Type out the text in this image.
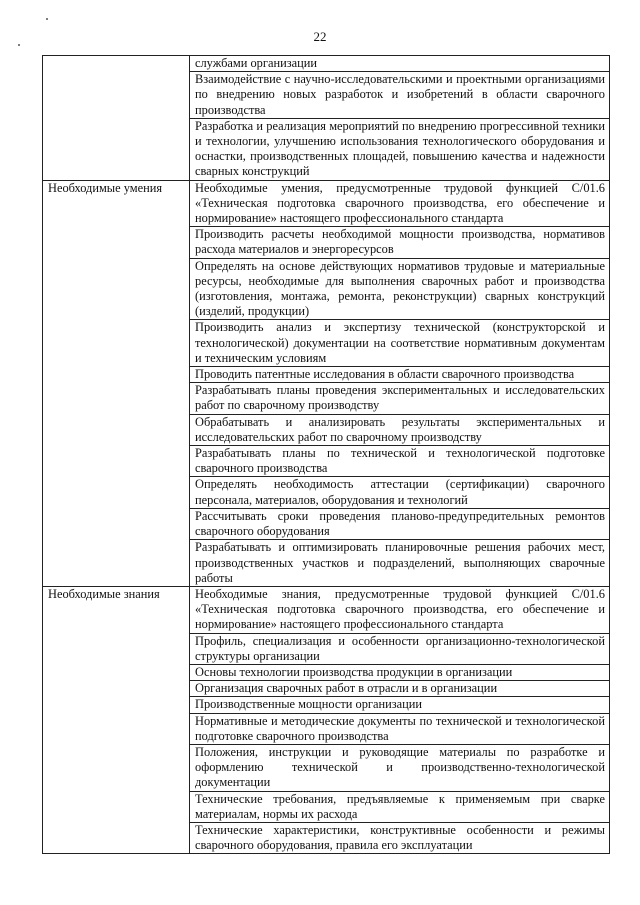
22
	службами организации
	Взаимодействие с научно-исследовательскими и проектными организациями по внедрению новых разработок и изобретений в области сварочного производства
	Разработка и реализация мероприятий по внедрению прогрессивной техники и технологии, улучшению использования технологического оборудования и оснастки, производственных площадей, повышению качества и надежности сварных конструкций
Необходимые умения	Необходимые умения, предусмотренные трудовой функцией C/01.6 «Техническая подготовка сварочного производства, его обеспечение и нормирование» настоящего профессионального стандарта
	Производить расчеты необходимой мощности производства, нормативов расхода материалов и энергоресурсов
	Определять на основе действующих нормативов трудовые и материальные ресурсы, необходимые для выполнения сварочных работ и производства (изготовления, монтажа, ремонта, реконструкции) сварных конструкций (изделий, продукции)
	Производить анализ и экспертизу технической (конструкторской и технологической) документации на соответствие нормативным документам и техническим условиям
	Проводить патентные исследования в области сварочного производства
	Разрабатывать планы проведения экспериментальных и исследовательских работ по сварочному производству
	Обрабатывать и анализировать результаты экспериментальных и исследовательских работ по сварочному производству
	Разрабатывать планы по технической и технологической подготовке сварочного производства
	Определять необходимость аттестации (сертификации) сварочного персонала, материалов, оборудования и технологий
	Рассчитывать сроки проведения планово-предупредительных ремонтов сварочного оборудования
	Разрабатывать и оптимизировать планировочные решения рабочих мест, производственных участков и подразделений, выполняющих сварочные работы
Необходимые знания	Необходимые знания, предусмотренные трудовой функцией C/01.6 «Техническая подготовка сварочного производства, его обеспечение и нормирование» настоящего профессионального стандарта
	Профиль, специализация и особенности организационно-технологической структуры организации
	Основы технологии производства продукции в организации
	Организация сварочных работ в отрасли и в организации
	Производственные мощности организации
	Нормативные и методические документы по технической и технологической подготовке сварочного производства
	Положения, инструкции и руководящие материалы по разработке и оформлению технической и производственно-технологической документации
	Технические требования, предъявляемые к применяемым при сварке материалам, нормы их расхода
	Технические характеристики, конструктивные особенности и режимы сварочного оборудования, правила его эксплуатации
